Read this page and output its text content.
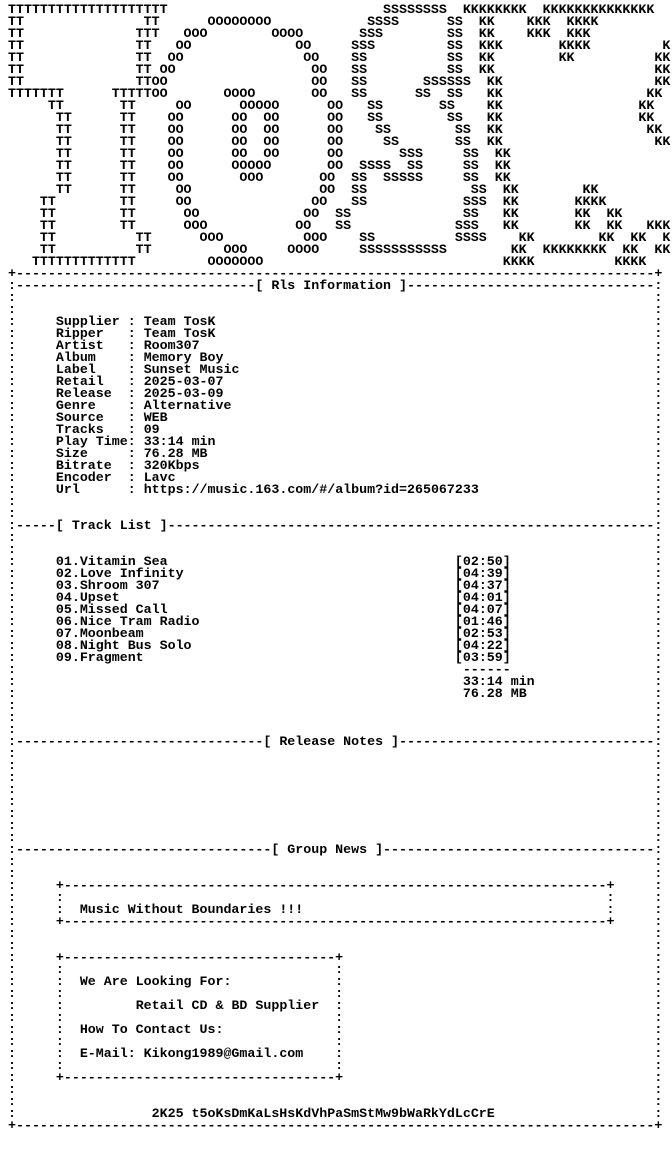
TTTTTTTTTTTTTTTTTTTT                           SSSSSSSS  KKKKKKKK  KKKKKKKKKKKKKK
TT               TT      OOOOOOOO            SSSS      SS  KK    KKK  KKKK
TT              TTT   OOO        OOOO       SSS        SS  KK    KKK  KKK
TT              TT   OO             OO     SSS         SS  KKK       KKKK         K
TT              TT  OO               OO    SS          SS  KK        KK          KK
TT              TT OO                 OO   SS          SS  KK                    KK
TT              TTOO                  OO   SS       SSSSSS  KK                   KK
TTTTTTT      TTTTTOO       OOOO       OO   SS      SS  SS   KK                  KK
TT       TT     OO      OOOOO      OO   SS       SS    KK                 KK
TT      TT    OO      OO  OO      OO   SS        SS   KK                 KK
TT      TT    OO      OO  OO      OO    SS        SS  KK                  KK
TT      TT    OO      OO  OO      OO     SS       SS  KK                   KK
TT      TT    OO      OO  OO      OO       SSS     SS  KK
TT      TT    OO      OOOOO       OO  SSSS  SS     SS  KK
TT      TT    OO       OOO       OO  SS  SSSSS     SS  KK
TT      TT     OO                OO  SS             SS  KK        KK
TT        TT     OO               OO   SS            SSS  KK       KKKK
TT        TT      OO             OO  SS              SS   KK       KK  KK
TT        TT      OOO           OO   SS             SSS   KK       KK  KK   KKK
TT          TT      OOO          OOO    SS          SSSS    KK        KK  KK  K
TT          TT         OOO     OOOO     SSSSSSSSSSS        KK  KKKKKKKK  KK  KK
TTTTTTTTTTTTT         OOOOOOO                              KKKK          KKKK
+--------------------------------------------------------------------------------+
:------------------------------[ Rls Information ]-------------------------------:
:	:
:	:
:	Supplier : Team TosK	:
:	Ripper   : Team TosK	:
:	Artist   : Room307	:
:	Album    : Memory Boy	:
:	Label    : Sunset Music	:
:	Retail   : 2025-03-07	:
:	Release  : 2025-03-09	:
:	Genre    : Alternative	:
:	Source   : WEB	:
:	Tracks   : 09	:
:	Play Time: 33:14 min	:
:	Size     : 76.28 MB	:
:	Bitrate  : 320Kbps	:
:	Encoder  : Lavc	:
:	Url      : https://music.163.com/#/album?id=265067233	:
:	:
:	:
:-----[ Track List ]-------------------------------------------------------------:
:	:
:	:
:	01.Vitamin Sea	[02:50]	:
:	02.Love Infinity	[04:39]	:
:	03.Shroom 307	[04:37]	:
:	04.Upset	[04:01]	:
:	05.Missed Call	[04:07]	:
:	06.Nice Tram Radio	[01:46]	:
:	07.Moonbeam	[02:53]	:
:	08.Night Bus Solo	[04:22]	:
:	09.Fragment	[03:59]	:
:                                                        ------	:
:	33:14 min	:
:	76.28 MB	:
:	:
:	:
:	:
:-------------------------------[ Release Notes ]--------------------------------:
:	:
:	:
:	:
:	:
:	:
:	:
:	:
:	:
:--------------------------------[ Group News ]----------------------------------:
:	:
:	:
:     +--------------------------------------------------------------------+	:
:     :                                                                    :	:
:     :  Music Without Boundaries !!!                                      :	:
:     +--------------------------------------------------------------------+	:
:	:
:	:
:     +----------------------------------+	:
:     :                                  :	:
:     :  We Are Looking For:             :	:
:     :                                  :	:
:     :         Retail CD & BD Supplier  :	:
:     :                                  :	:
:     :  How To Contact Us:              :	:
:     :                                  :	:
:     :  E-Mail: Kikong1989@Gmail.com    :	:
:     :                                  :	:
:     +----------------------------------+	:
:	:
:	:
:	2K25 t5oKsDmKaLsHsKdVhPaSmStMw9bWaRkYdLcCrE	:
+--------------------------------------------------------------------------------+
